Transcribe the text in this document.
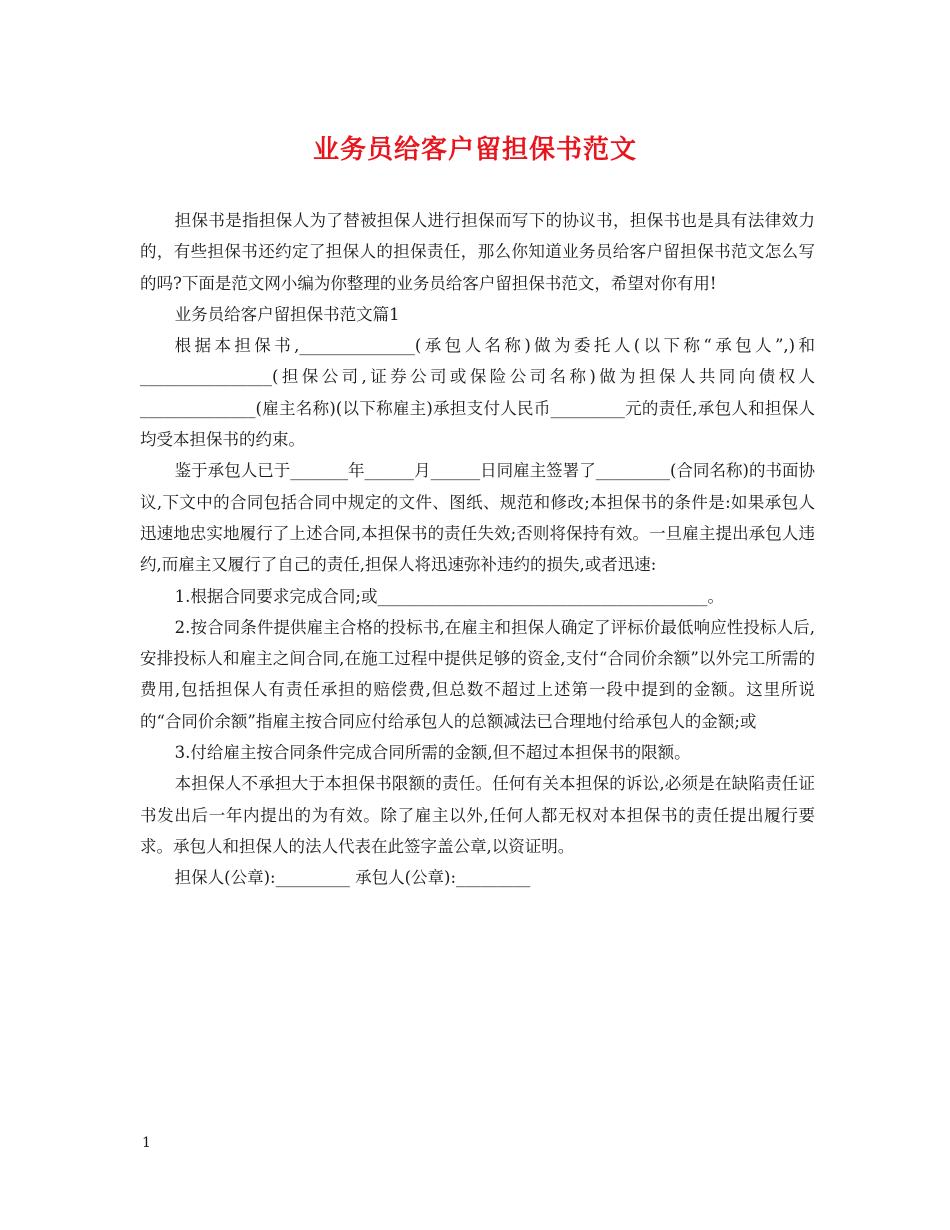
业务员给客户留担保书范文

担保书是指担保人为了替被担保人进行担保而写下的协议书，担保书也是具有法律效力的，有些担保书还约定了担保人的担保责任，那么你知道业务员给客户留担保书范文怎么写的吗?下面是范文网小编为你整理的业务员给客户留担保书范文，希望对你有用!

业务员给客户留担保书范文篇1

根据本担保书,______________(承包人名称)做为委托人(以下称“承包人”,)和________________(担保公司,证券公司或保险公司名称)做为担保人共同向债权人______________(雇主名称)(以下称雇主)承担支付人民币_________元的责任,承包人和担保人均受本担保书的约束。

鉴于承包人已于_______年______月______日同雇主签署了_________(合同名称)的书面协议,下文中的合同包括合同中规定的文件、图纸、规范和修改;本担保书的条件是:如果承包人迅速地忠实地履行了上述合同,本担保书的责任失效;否则将保持有效。一旦雇主提出承包人违约,而雇主又履行了自己的责任,担保人将迅速弥补违约的损失,或者迅速:

1.根据合同要求完成合同;或________________________________________。

2.按合同条件提供雇主合格的投标书,在雇主和担保人确定了评标价最低响应性投标人后,安排投标人和雇主之间合同,在施工过程中提供足够的资金,支付“合同价余额”以外完工所需的费用,包括担保人有责任承担的赔偿费,但总数不超过上述第一段中提到的金额。这里所说的“合同价余额”指雇主按合同应付给承包人的总额减法已合理地付给承包人的金额;或

3.付给雇主按合同条件完成合同所需的金额,但不超过本担保书的限额。

本担保人不承担大于本担保书限额的责任。任何有关本担保的诉讼,必须是在缺陷责任证书发出后一年内提出的为有效。除了雇主以外,任何人都无权对本担保书的责任提出履行要求。承包人和担保人的法人代表在此签字盖公章,以资证明。

担保人(公章):_________ 承包人(公章):_________

1
